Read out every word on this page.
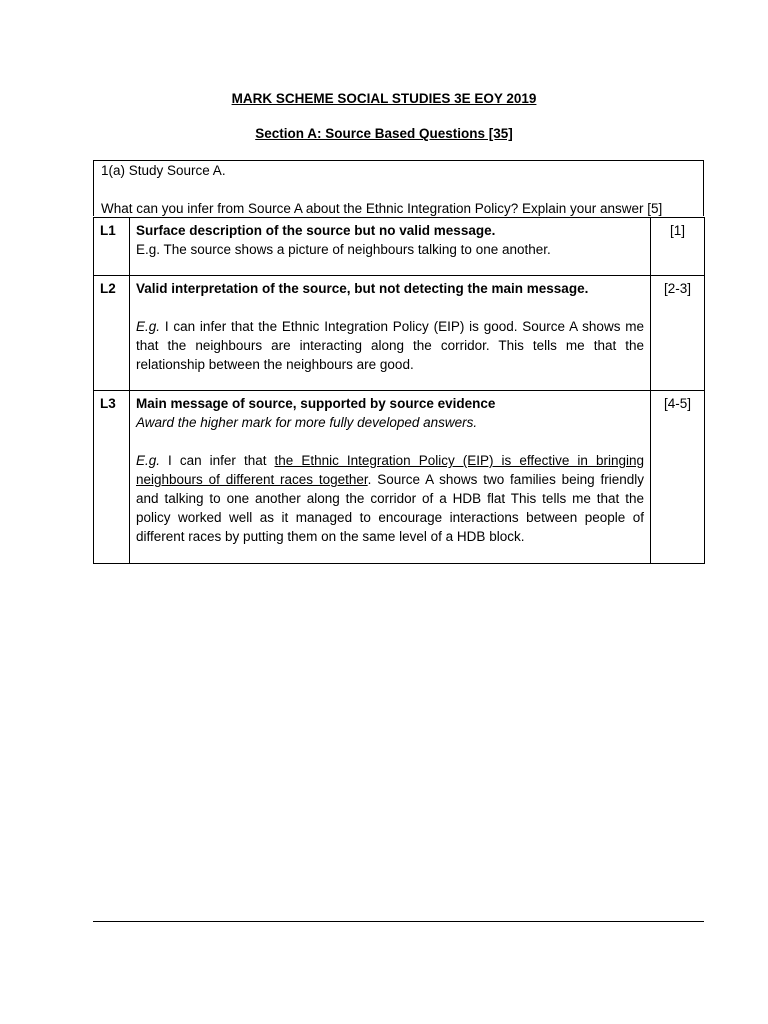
MARK SCHEME SOCIAL STUDIES 3E EOY 2019
Section A: Source Based Questions [35]
1(a) Study Source A.
What can you infer from Source A about the Ethnic Integration Policy? Explain your answer [5]
L1	Surface description of the source but no valid message.
E.g. The source shows a picture of neighbours talking to one another.	[1]
L2	Valid interpretation of the source, but not detecting the main message.
E.g. I can infer that the Ethnic Integration Policy (EIP) is good. Source A shows me that the neighbours are interacting along the corridor. This tells me that the relationship between the neighbours are good.	[2-3]
L3	Main message of source, supported by source evidence
Award the higher mark for more fully developed answers.
E.g. I can infer that the Ethnic Integration Policy (EIP) is effective in bringing neighbours of different races together. Source A shows two families being friendly and talking to one another along the corridor of a HDB flat This tells me that the policy worked well as it managed to encourage interactions between people of different races by putting them on the same level of a HDB block.	[4-5]
